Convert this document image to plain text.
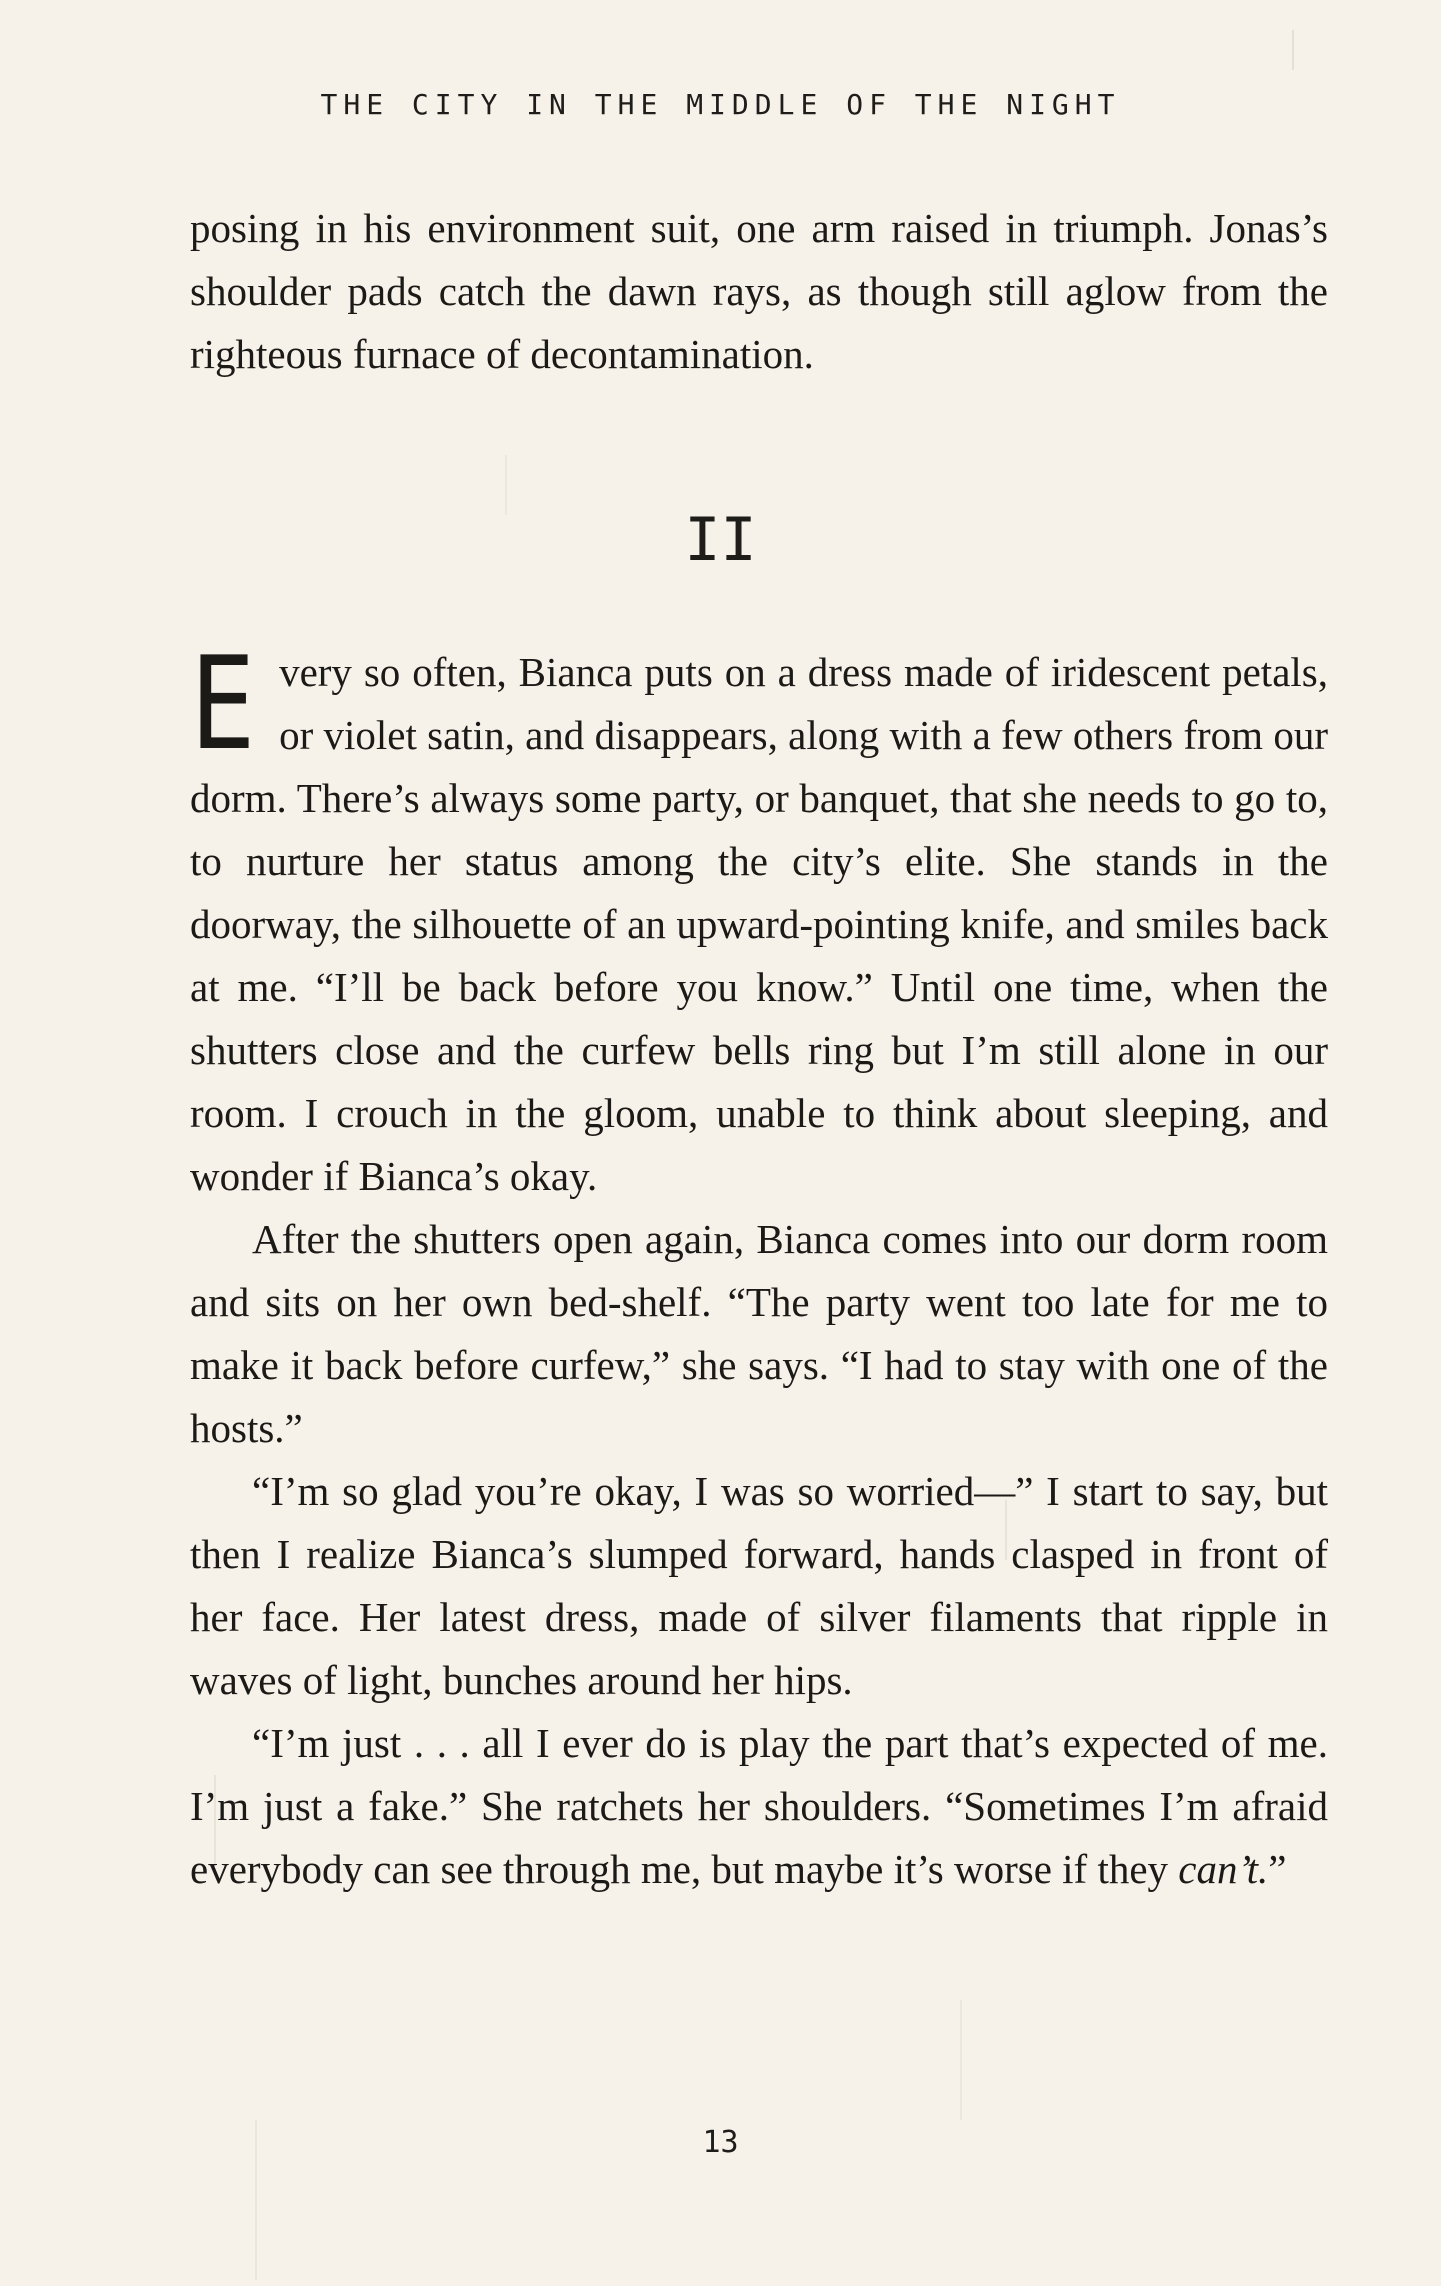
THE CITY IN THE MIDDLE OF THE NIGHT

posing in his environment suit, one arm raised in triumph. Jonas’s shoulder pads catch the dawn rays, as though still aglow from the righteous furnace of decontamination.

II

Every so often, Bianca puts on a dress made of iridescent petals, or violet satin, and disappears, along with a few others from our dorm. There’s always some party, or banquet, that she needs to go to, to nurture her status among the city’s elite. She stands in the doorway, the silhouette of an upward-pointing knife, and smiles back at me. “I’ll be back before you know.” Until one time, when the shutters close and the curfew bells ring but I’m still alone in our room. I crouch in the gloom, unable to think about sleeping, and wonder if Bianca’s okay.

After the shutters open again, Bianca comes into our dorm room and sits on her own bed-shelf. “The party went too late for me to make it back before curfew,” she says. “I had to stay with one of the hosts.”

“I’m so glad you’re okay, I was so worried—” I start to say, but then I realize Bianca’s slumped forward, hands clasped in front of her face. Her latest dress, made of silver filaments that ripple in waves of light, bunches around her hips.

“I’m just . . . all I ever do is play the part that’s expected of me. I’m just a fake.” She ratchets her shoulders. “Sometimes I’m afraid everybody can see through me, but maybe it’s worse if they can’t.”

13
